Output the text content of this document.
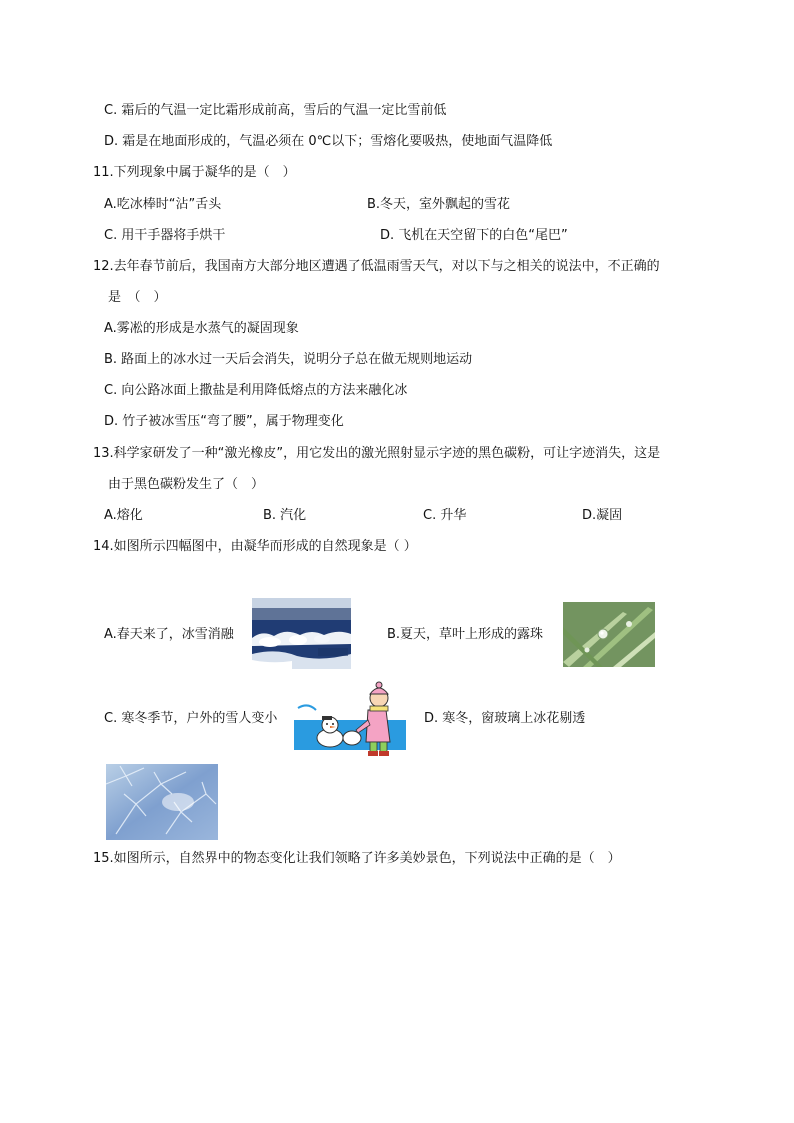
C. 霜后的气温一定比霜形成前高，雪后的气温一定比雪前低
D. 霜是在地面形成的，气温必须在 0℃以下；雪熔化要吸热，使地面气温降低
11.下列现象中属于凝华的是（　）
A.吃冰棒时“沾”舌头	B.冬天，室外飘起的雪花
C. 用干手器将手烘干	D. 飞机在天空留下的白色“尾巴”
12.去年春节前后，我国南方大部分地区遭遇了低温雨雪天气，对以下与之相关的说法中，不正确的
是　（　）
A.雾凇的形成是水蒸气的凝固现象
B. 路面上的冰水过一天后会消失，说明分子总在做无规则地运动
C. 向公路冰面上撒盐是利用降低熔点的方法来融化冰
D. 竹子被冰雪压“弯了腰”，属于物理变化
13.科学家研发了一种“激光橡皮”，用它发出的激光照射显示字迹的黑色碳粉，可让字迹消失，这是
由于黑色碳粉发生了（　）
A.熔化	B. 汽化	C. 升华	D.凝固
14.如图所示四幅图中，由凝华而形成的自然现象是（ ）
A.春天来了，冰雪消融	B.夏天，草叶上形成的露珠
C. 寒冬季节，户外的雪人变小	D. 寒冬，窗玻璃上冰花剔透
15.如图所示，自然界中的物态变化让我们领略了许多美妙景色，下列说法中正确的是（　）
